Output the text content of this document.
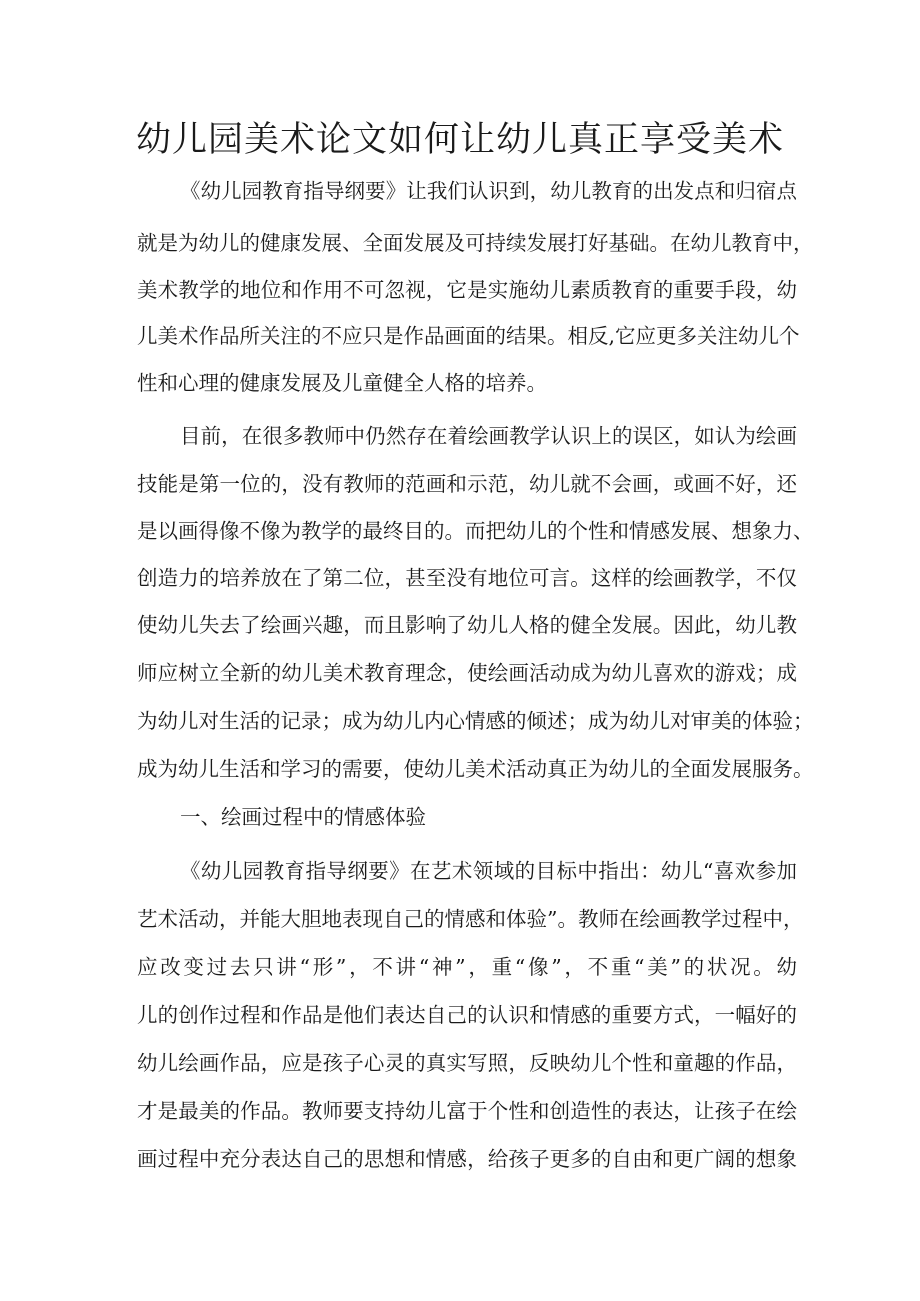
幼儿园美术论文如何让幼儿真正享受美术

《幼儿园教育指导纲要》让我们认识到，幼儿教育的出发点和归宿点

就是为幼儿的健康发展、全面发展及可持续发展打好基础。在幼儿教育中，

美术教学的地位和作用不可忽视，它是实施幼儿素质教育的重要手段，幼

儿美术作品所关注的不应只是作品画面的结果。相反,它应更多关注幼儿个

性和心理的健康发展及儿童健全人格的培养。

目前，在很多教师中仍然存在着绘画教学认识上的误区，如认为绘画

技能是第一位的，没有教师的范画和示范，幼儿就不会画，或画不好，还

是以画得像不像为教学的最终目的。而把幼儿的个性和情感发展、想象力、

创造力的培养放在了第二位，甚至没有地位可言。这样的绘画教学，不仅

使幼儿失去了绘画兴趣，而且影响了幼儿人格的健全发展。因此，幼儿教

师应树立全新的幼儿美术教育理念，使绘画活动成为幼儿喜欢的游戏；成

为幼儿对生活的记录；成为幼儿内心情感的倾述；成为幼儿对审美的体验；

成为幼儿生活和学习的需要，使幼儿美术活动真正为幼儿的全面发展服务。

一、绘画过程中的情感体验

《幼儿园教育指导纲要》在艺术领域的目标中指出：幼儿“喜欢参加

艺术活动，并能大胆地表现自己的情感和体验”。教师在绘画教学过程中，

应改变过去只讲“形”，不讲“神”，重“像”，不重“美”的状况。幼

儿的创作过程和作品是他们表达自己的认识和情感的重要方式，一幅好的

幼儿绘画作品，应是孩子心灵的真实写照，反映幼儿个性和童趣的作品，

才是最美的作品。教师要支持幼儿富于个性和创造性的表达，让孩子在绘

画过程中充分表达自己的思想和情感，给孩子更多的自由和更广阔的想象
